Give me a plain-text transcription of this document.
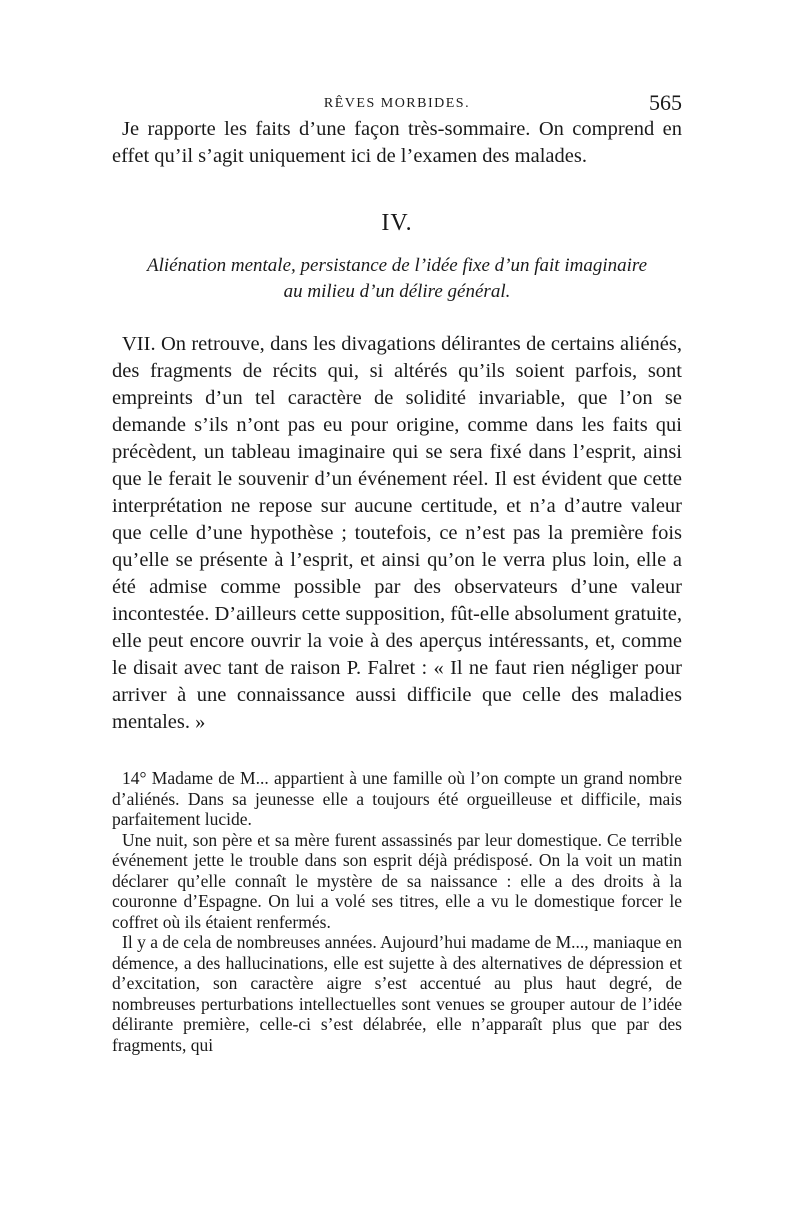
RÊVES MORBIDES.	565

Je rapporte les faits d’une façon très-sommaire. On comprend en effet qu’il s’agit uniquement ici de l’examen des malades.

IV.
Aliénation mentale, persistance de l’idée fixe d’un fait imaginaire
au milieu d’un délire général.

VII. On retrouve, dans les divagations délirantes de certains aliénés, des fragments de récits qui, si altérés qu’ils soient parfois, sont empreints d’un tel caractère de solidité invariable, que l’on se demande s’ils n’ont pas eu pour origine, comme dans les faits qui précèdent, un tableau imaginaire qui se sera fixé dans l’esprit, ainsi que le ferait le souvenir d’un événement réel. Il est évident que cette interprétation ne repose sur aucune certitude, et n’a d’autre valeur que celle d’une hypothèse ; toutefois, ce n’est pas la première fois qu’elle se présente à l’esprit, et ainsi qu’on le verra plus loin, elle a été admise comme possible par des observateurs d’une valeur incontestée. D’ailleurs cette supposition, fût-elle absolument gratuite, elle peut encore ouvrir la voie à des aperçus intéressants, et, comme le disait avec tant de raison P. Falret : « Il ne faut rien négliger pour arriver à une connaissance aussi difficile que celle des maladies mentales. »

14° Madame de M... appartient à une famille où l’on compte un grand nombre d’aliénés. Dans sa jeunesse elle a toujours été orgueilleuse et difficile, mais parfaitement lucide.

Une nuit, son père et sa mère furent assassinés par leur domestique. Ce terrible événement jette le trouble dans son esprit déjà prédisposé. On la voit un matin déclarer qu’elle connaît le mystère de sa naissance : elle a des droits à la couronne d’Espagne. On lui a volé ses titres, elle a vu le domestique forcer le coffret où ils étaient renfermés.

Il y a de cela de nombreuses années. Aujourd’hui madame de M..., maniaque en démence, a des hallucinations, elle est sujette à des alternatives de dépression et d’excitation, son caractère aigre s’est accentué au plus haut degré, de nombreuses perturbations intellectuelles sont venues se grouper autour de l’idée délirante première, celle-ci s’est délabrée, elle n’apparaît plus que par des fragments, qui
